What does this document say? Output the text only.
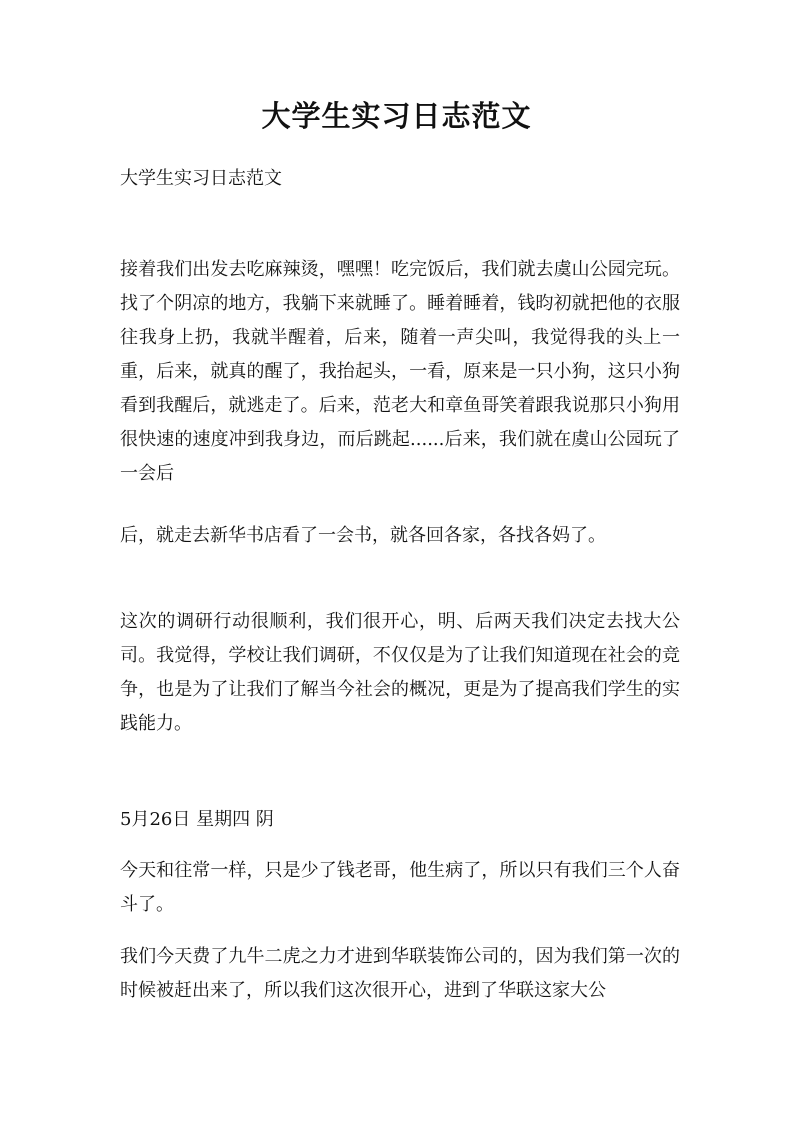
大学生实习日志范文
大学生实习日志范文

接着我们出发去吃麻辣烫，嘿嘿！吃完饭后，我们就去虞山公园完玩。找了个阴凉的地方，我躺下来就睡了。睡着睡着，钱昀初就把他的衣服往我身上扔，我就半醒着，后来，随着一声尖叫，我觉得我的头上一重，后来，就真的醒了，我抬起头，一看，原来是一只小狗，这只小狗看到我醒后，就逃走了。后来，范老大和章鱼哥笑着跟我说那只小狗用很快速的速度冲到我身边，而后跳起......后来，我们就在虞山公园玩了一会后

后，就走去新华书店看了一会书，就各回各家，各找各妈了。

这次的调研行动很顺利，我们很开心，明、后两天我们决定去找大公司。我觉得，学校让我们调研，不仅仅是为了让我们知道现在社会的竞争，也是为了让我们了解当今社会的概况，更是为了提高我们学生的实践能力。

5月26日 星期四 阴

今天和往常一样，只是少了钱老哥，他生病了，所以只有我们三个人奋斗了。

我们今天费了九牛二虎之力才进到华联装饰公司的，因为我们第一次的时候被赶出来了，所以我们这次很开心，进到了华联这家大公
